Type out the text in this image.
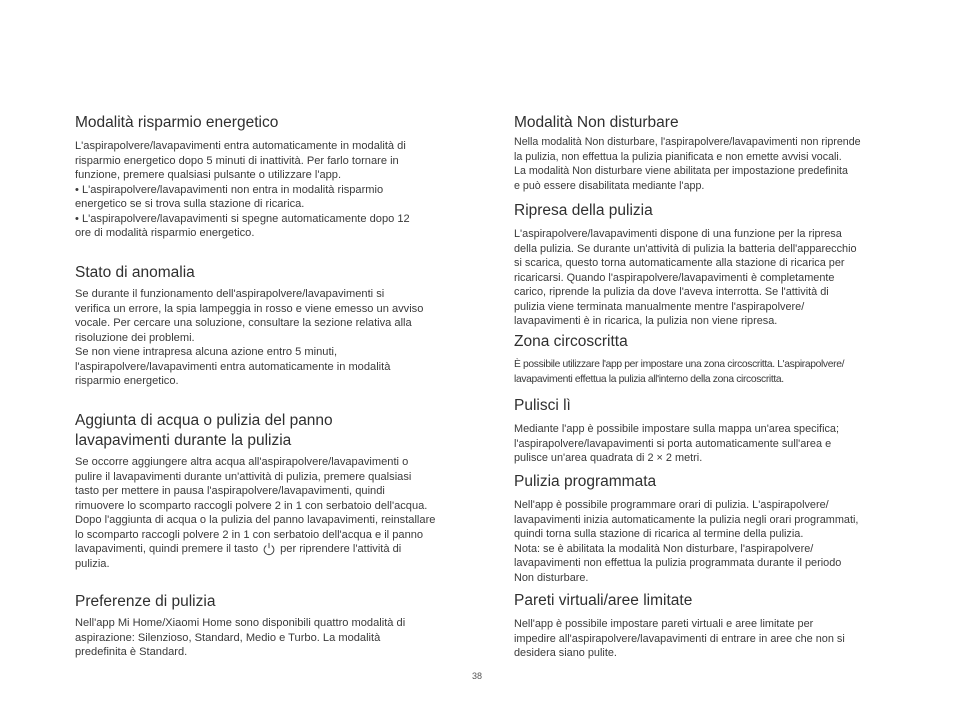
Modalità risparmio energetico

L'aspirapolvere/lavapavimenti entra automaticamente in modalità di
risparmio energetico dopo 5 minuti di inattività. Per farlo tornare in
funzione, premere qualsiasi pulsante o utilizzare l'app.
• L'aspirapolvere/lavapavimenti non entra in modalità risparmio
energetico se si trova sulla stazione di ricarica.
• L'aspirapolvere/lavapavimenti si spegne automaticamente dopo 12
ore di modalità risparmio energetico.

Stato di anomalia

Se durante il funzionamento dell'aspirapolvere/lavapavimenti si
verifica un errore, la spia lampeggia in rosso e viene emesso un avviso
vocale. Per cercare una soluzione, consultare la sezione relativa alla
risoluzione dei problemi.
Se non viene intrapresa alcuna azione entro 5 minuti,
l'aspirapolvere/lavapavimenti entra automaticamente in modalità
risparmio energetico.

Aggiunta di acqua o pulizia del panno
lavapavimenti durante la pulizia

Se occorre aggiungere altra acqua all'aspirapolvere/lavapavimenti o
pulire il lavapavimenti durante un'attività di pulizia, premere qualsiasi
tasto per mettere in pausa l'aspirapolvere/lavapavimenti, quindi
rimuovere lo scomparto raccogli polvere 2 in 1 con serbatoio dell'acqua.
Dopo l'aggiunta di acqua o la pulizia del panno lavapavimenti, reinstallare
lo scomparto raccogli polvere 2 in 1 con serbatoio dell'acqua e il panno
lavapavimenti, quindi premere il tasto per riprendere l'attività di
pulizia.

Preferenze di pulizia

Nell'app Mi Home/Xiaomi Home sono disponibili quattro modalità di
aspirazione: Silenzioso, Standard, Medio e Turbo. La modalità
predefinita è Standard.

Modalità Non disturbare

Nella modalità Non disturbare, l'aspirapolvere/lavapavimenti non riprende
la pulizia, non effettua la pulizia pianificata e non emette avvisi vocali.
La modalità Non disturbare viene abilitata per impostazione predefinita
e può essere disabilitata mediante l'app.

Ripresa della pulizia

L'aspirapolvere/lavapavimenti dispone di una funzione per la ripresa
della pulizia. Se durante un'attività di pulizia la batteria dell'apparecchio
si scarica, questo torna automaticamente alla stazione di ricarica per
ricaricarsi. Quando l'aspirapolvere/lavapavimenti è completamente
carico, riprende la pulizia da dove l'aveva interrotta. Se l'attività di
pulizia viene terminata manualmente mentre l'aspirapolvere/
lavapavimenti è in ricarica, la pulizia non viene ripresa.

Zona circoscritta

È possibile utilizzare l'app per impostare una zona circoscritta. L'aspirapolvere/
lavapavimenti effettua la pulizia all'interno della zona circoscritta.

Pulisci lì

Mediante l'app è possibile impostare sulla mappa un'area specifica;
l'aspirapolvere/lavapavimenti si porta automaticamente sull'area e
pulisce un'area quadrata di 2 × 2 metri.

Pulizia programmata

Nell'app è possibile programmare orari di pulizia. L'aspirapolvere/
lavapavimenti inizia automaticamente la pulizia negli orari programmati,
quindi torna sulla stazione di ricarica al termine della pulizia.
Nota: se è abilitata la modalità Non disturbare, l'aspirapolvere/
lavapavimenti non effettua la pulizia programmata durante il periodo
Non disturbare.

Pareti virtuali/aree limitate

Nell'app è possibile impostare pareti virtuali e aree limitate per
impedire all'aspirapolvere/lavapavimenti di entrare in aree che non si
desidera siano pulite.

38
